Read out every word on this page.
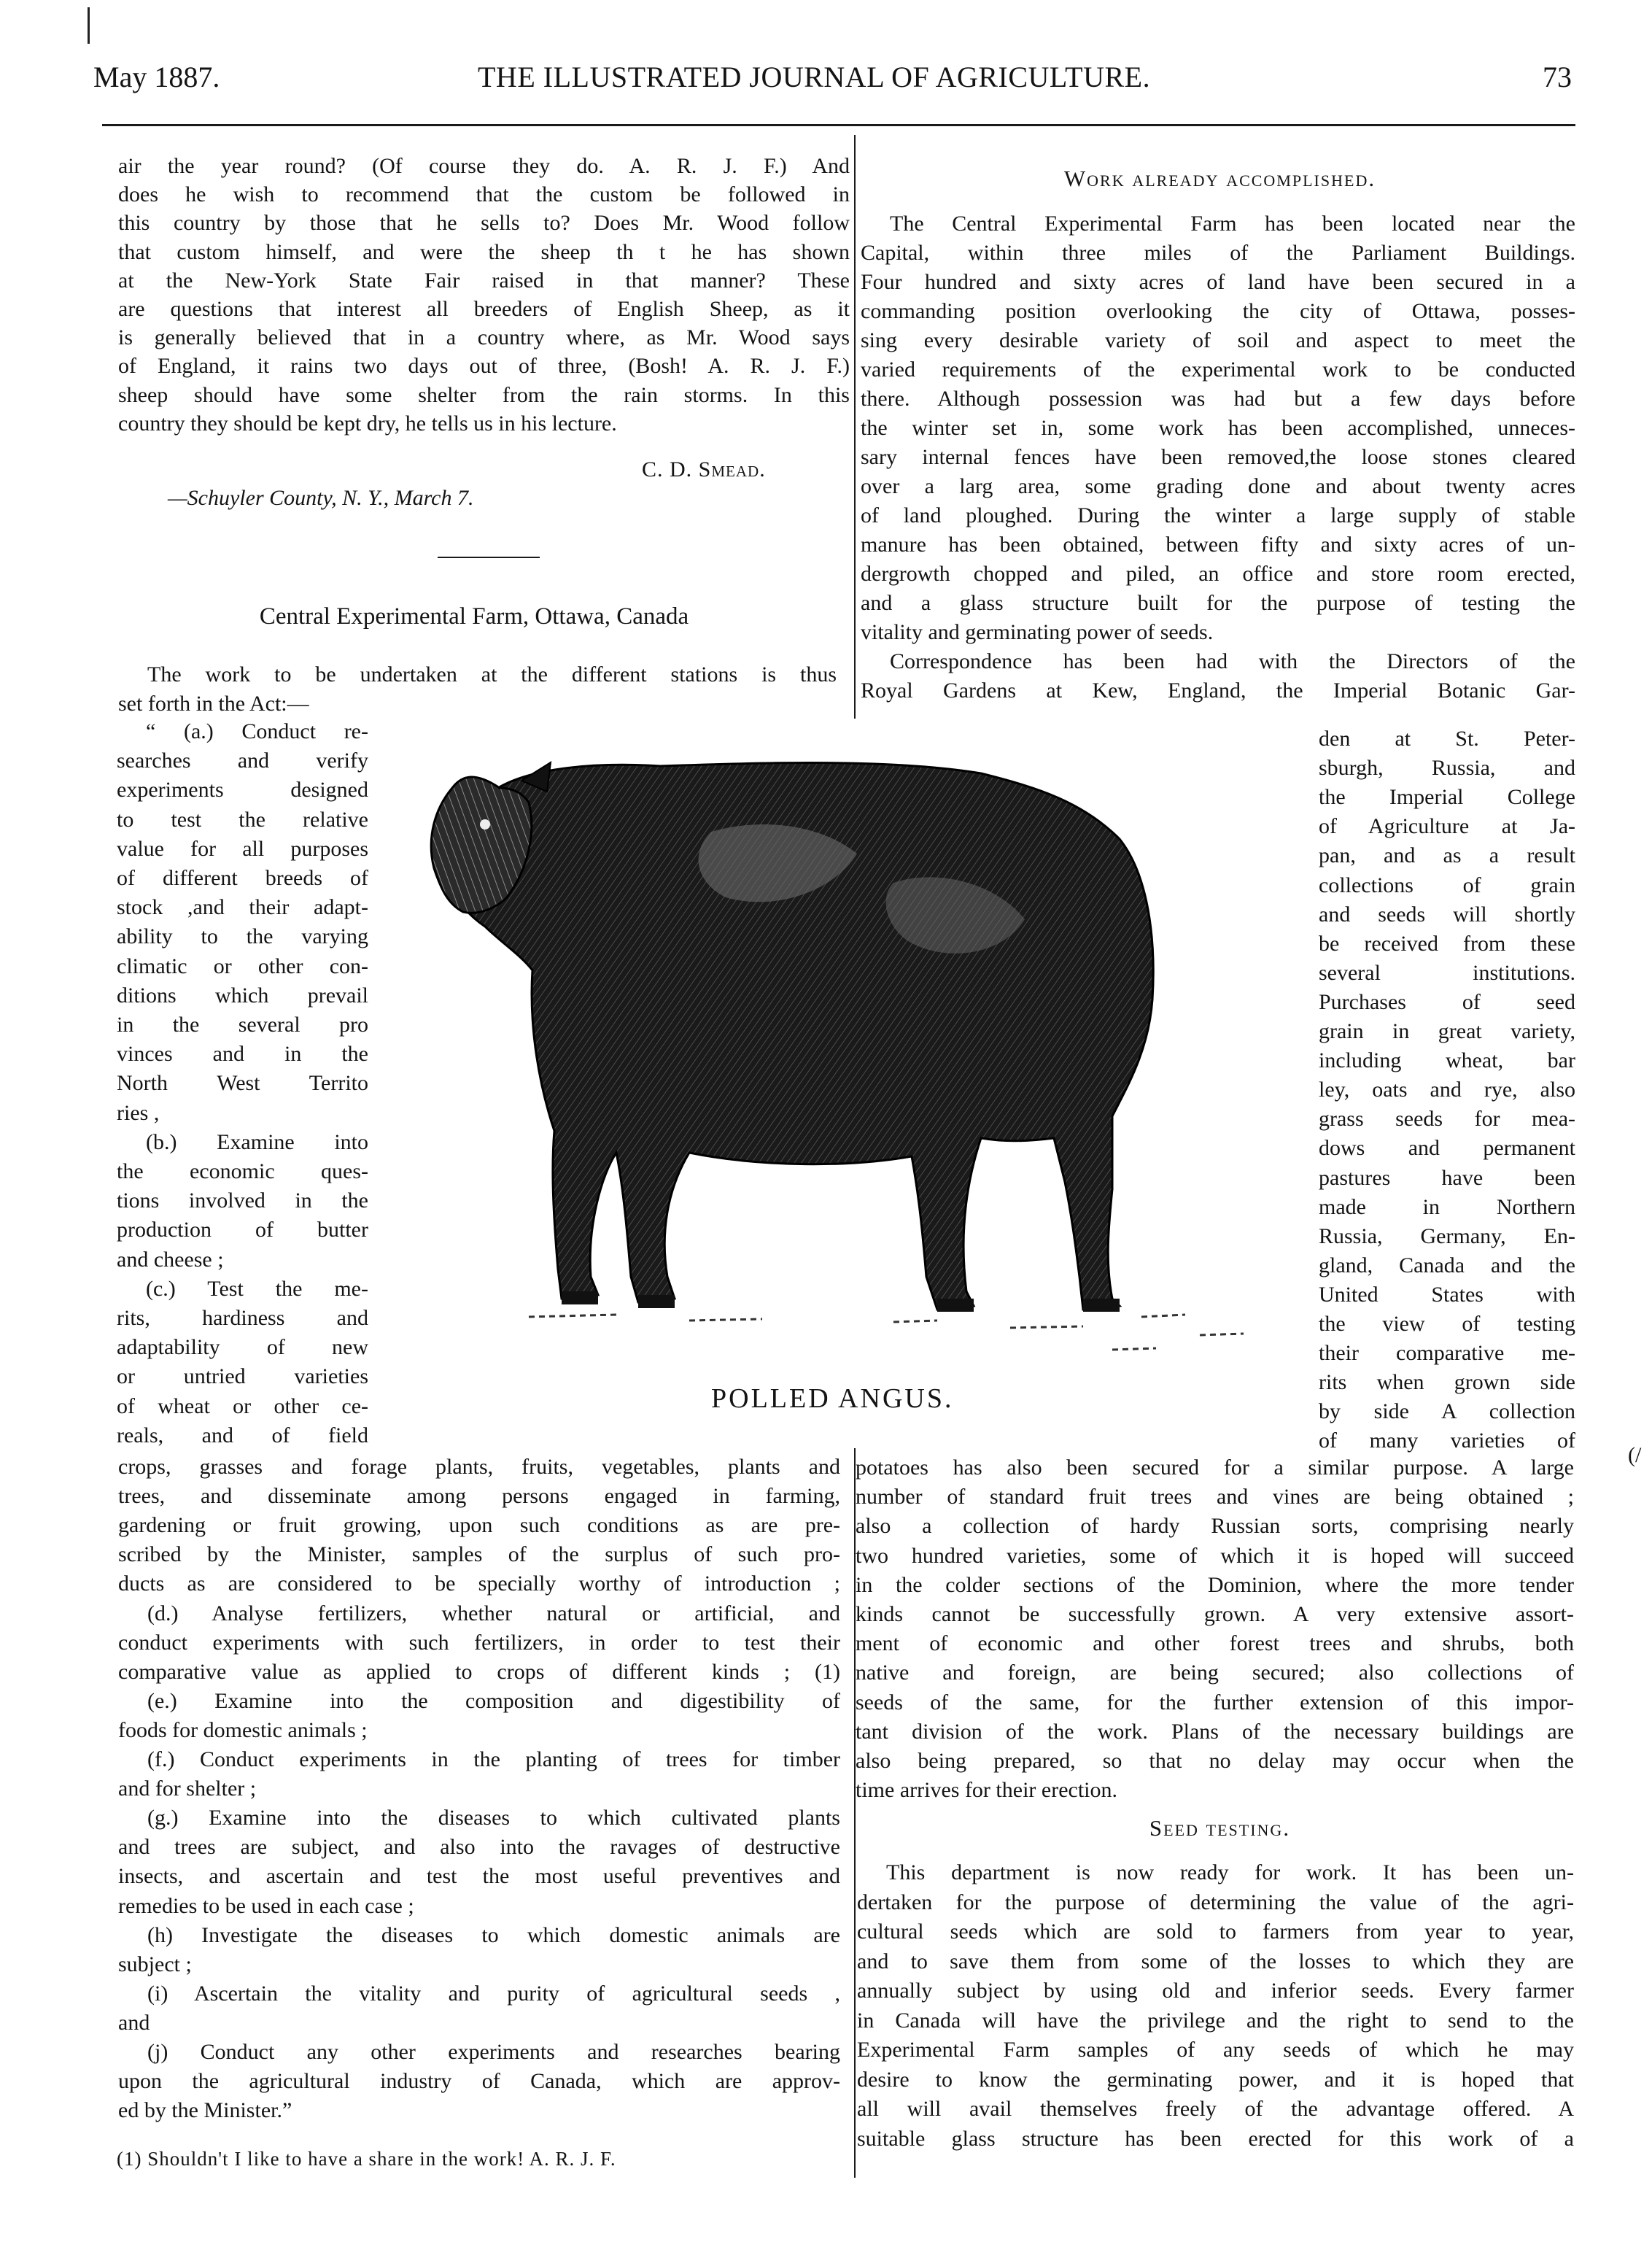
May 1887.	THE ILLUSTRATED JOURNAL OF AGRICULTURE.	73
air the year round? (Of course they do. A. R. J. F.) And
does he wish to recommend that the custom be followed in
this country by those that he sells to? Does Mr. Wood follow
that custom himself, and were the sheep th t he has shown
at the New-York State Fair raised in that manner? These
are questions that interest all breeders of English Sheep, as it
is generally believed that in a country where, as Mr. Wood says
of England, it rains two days out of three, (Bosh! A. R. J. F.)
sheep should have some shelter from the rain storms. In this
country they should be kept dry, he tells us in his lecture.
C. D. Smead.
—Schuyler County, N. Y., March 7.
Central Experimental Farm, Ottawa, Canada
The work to be undertaken at the different stations is thus
set forth in the Act:—
“ (a.) Conduct re-
searches and verify
experiments designed
to test the relative
value for all purposes
of different breeds of
stock ,and their adapt-
ability to the varying
climatic or other con-
ditions which prevail
in the several pro
vinces and in the
North West Territo
ries ,
(b.) Examine into
the economic ques-
tions involved in the
production of butter
and cheese ;
(c.) Test the me-
rits, hardiness and
adaptability of new
or untried varieties
of wheat or other ce-
reals, and of field
crops, grasses and forage plants, fruits, vegetables, plants and
trees, and disseminate among persons engaged in farming,
gardening or fruit growing, upon such conditions as are pre-
scribed by the Minister, samples of the surplus of such pro-
ducts as are considered to be specially worthy of introduction ;
(d.) Analyse fertilizers, whether natural or artificial, and
conduct experiments with such fertilizers, in order to test their
comparative value as applied to crops of different kinds ; (1)
(e.) Examine into the composition and digestibility of
foods for domestic animals ;
(f.) Conduct experiments in the planting of trees for timber
and for shelter ;
(g.) Examine into the diseases to which cultivated plants
and trees are subject, and also into the ravages of destructive
insects, and ascertain and test the most useful preventives and
remedies to be used in each case ;
(h) Investigate the diseases to which domestic animals are
subject ;
(i) Ascertain the vitality and purity of agricultural seeds ,
and
(j) Conduct any other experiments and researches bearing
upon the agricultural industry of Canada, which are approv-
ed by the Minister.”
(1) Shouldn't I like to have a share in the work! A. R. J. F.
POLLED ANGUS.
Work already accomplished.
The Central Experimental Farm has been located near the
Capital, within three miles of the Parliament Buildings.
Four hundred and sixty acres of land have been secured in a
commanding position overlooking the city of Ottawa, posses-
sing every desirable variety of soil and aspect to meet the
varied requirements of the experimental work to be conducted
there. Although possession was had but a few days before
the winter set in, some work has been accomplished, unneces-
sary internal fences have been removed,the loose stones cleared
over a larg area, some grading done and about twenty acres
of land ploughed. During the winter a large supply of stable
manure has been obtained, between fifty and sixty acres of un-
dergrowth chopped and piled, an office and store room erected,
and a glass structure built for the purpose of testing the
vitality and germinating power of seeds.
Correspondence has been had with the Directors of the
Royal Gardens at Kew, England, the Imperial Botanic Gar-
den at St. Peter-
sburgh, Russia, and
the Imperial College
of Agriculture at Ja-
pan, and as a result
collections of grain
and seeds will shortly
be received from these
several institutions.
Purchases of seed
grain in great variety,
including wheat, bar
ley, oats and rye, also
grass seeds for mea-
dows and permanent
pastures have been
made in Northern
Russia, Germany, En-
gland, Canada and the
United States with
the view of testing
their comparative me-
rits when grown side
by side A collection
of many varieties of
potatoes has also been secured for a similar purpose. A large
number of standard fruit trees and vines are being obtained ;
also a collection of hardy Russian sorts, comprising nearly
two hundred varieties, some of which it is hoped will succeed
in the colder sections of the Dominion, where the more tender
kinds cannot be successfully grown. A very extensive assort-
ment of economic and other forest trees and shrubs, both
native and foreign, are being secured; also collections of
seeds of the same, for the further extension of this impor-
tant division of the work. Plans of the necessary buildings are
also being prepared, so that no delay may occur when the
time arrives for their erection.
Seed testing.
This department is now ready for work. It has been un-
dertaken for the purpose of determining the value of the agri-
cultural seeds which are sold to farmers from year to year,
and to save them from some of the losses to which they are
annually subject by using old and inferior seeds. Every farmer
in Canada will have the privilege and the right to send to the
Experimental Farm samples of any seeds of which he may
desire to know the germinating power, and it is hoped that
all will avail themselves freely of the advantage offered. A
suitable glass structure has been erected for this work of a
(/
